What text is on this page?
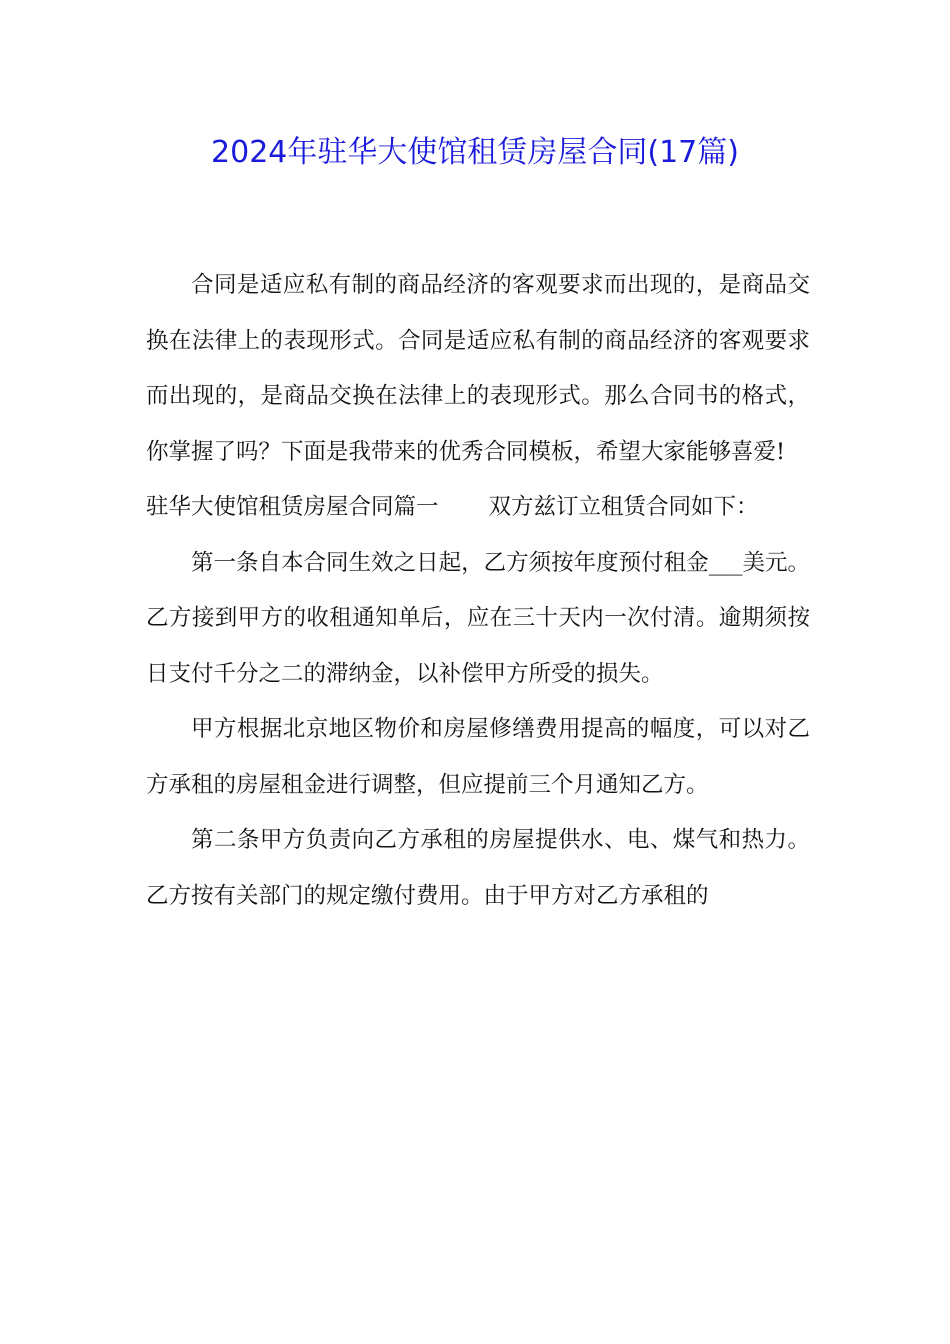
2024年驻华大使馆租赁房屋合同(17篇)

合同是适应私有制的商品经济的客观要求而出现的，是商品交换在法律上的表现形式。合同是适应私有制的商品经济的客观要求而出现的，是商品交换在法律上的表现形式。那么合同书的格式，你掌握了吗？下面是我带来的优秀合同模板，希望大家能够喜爱!

驻华大使馆租赁房屋合同篇一 双方兹订立租赁合同如下：

第一条自本合同生效之日起，乙方须按年度预付租金___美元。乙方接到甲方的收租通知单后，应在三十天内一次付清。逾期须按日支付千分之二的滞纳金，以补偿甲方所受的损失。

甲方根据北京地区物价和房屋修缮费用提高的幅度，可以对乙方承租的房屋租金进行调整，但应提前三个月通知乙方。

第二条甲方负责向乙方承租的房屋提供水、电、煤气和热力。乙方按有关部门的规定缴付费用。由于甲方对乙方承租的
